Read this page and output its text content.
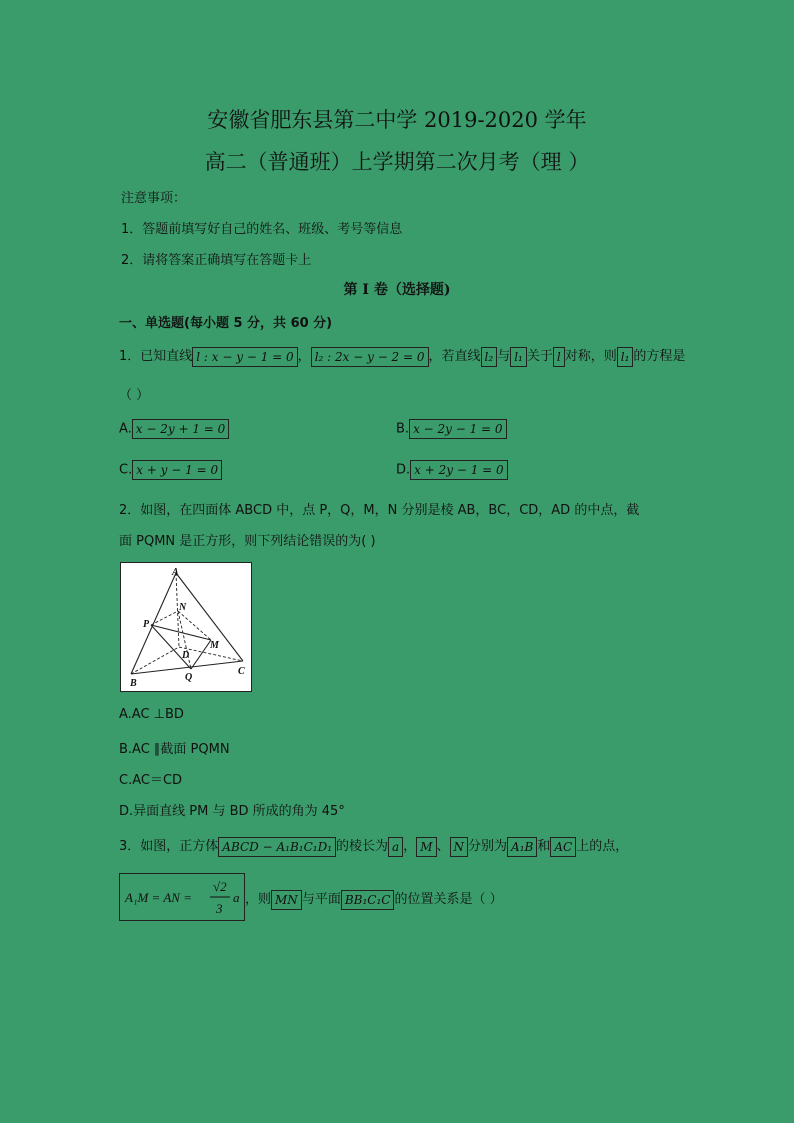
安徽省肥东县第二中学 2019-2020 学年
高二（普通班）上学期第二次月考（理 ）
注意事项：
1．答题前填写好自己的姓名、班级、考号等信息
2．请将答案正确填写在答题卡上
第 I 卷（选择题)
一、单选题(每小题 5 分，共 60 分)
1．已知直线 l : x − y − 1 = 0 ， l₂ : 2x − y − 2 = 0 ，若直线 l₂ 与 l₁ 关于 l 对称，则 l₁ 的方程是
（ ）
A. x − 2y + 1 = 0	B. x − 2y − 1 = 0
C. x + y − 1 = 0	D. x + 2y − 1 = 0
2．如图，在四面体 ABCD 中，点 P，Q，M，N 分别是棱 AB，BC，CD，AD 的中点，截
面 PQMN 是正方形，则下列结论错误的为( )
A
N
P
M
D
B
Q
C
A.AC ⊥BD
B.AC ∥截面 PQMN
C.AC＝CD
D.异面直线 PM 与 BD 所成的角为 45°
3．如图，正方体 ABCD − A₁B₁C₁D₁ 的棱长为 a ， M 、 N 分别为 A₁B 和 AC 上的点，
A₁M = AN =
√2
3
a ，则 MN 与平面 BB₁C₁C 的位置关系是（ ）
